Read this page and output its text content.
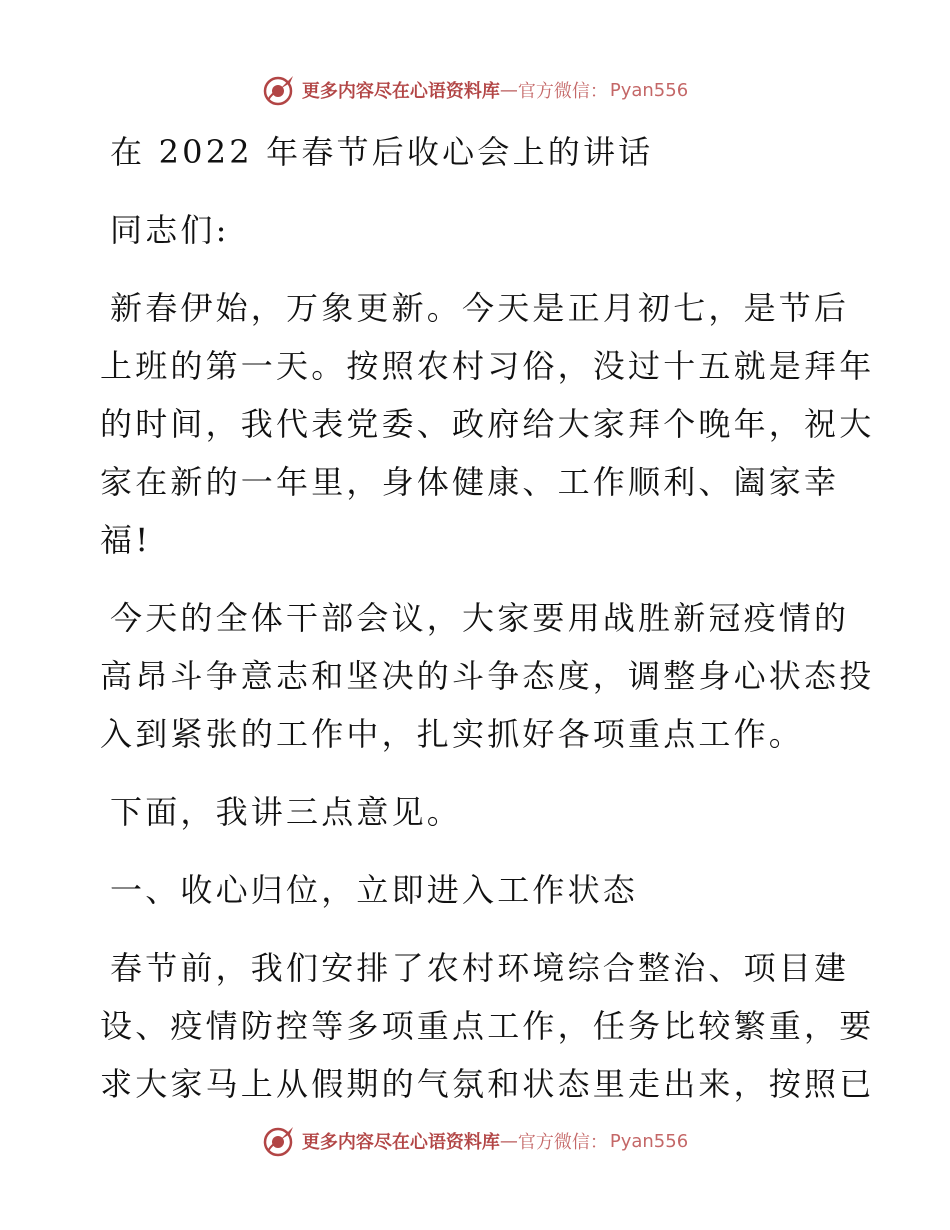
更多内容尽在心语资料库 — 官方微信： Pyan556

在 2022 年春节后收心会上的讲话

同志们:

新春伊始，万象更新。今天是正月初七，是节后

上班的第一天。按照农村习俗，没过十五就是拜年

的时间，我代表党委、政府给大家拜个晚年，祝大

家在新的一年里，身体健康、工作顺利、阖家幸

福!

今天的全体干部会议，大家要用战胜新冠疫情的

高昂斗争意志和坚决的斗争态度，调整身心状态投

入到紧张的工作中，扎实抓好各项重点工作。

下面，我讲三点意见。

一、收心归位，立即进入工作状态

春节前，我们安排了农村环境综合整治、项目建

设、疫情防控等多项重点工作，任务比较繁重，要

求大家马上从假期的气氛和状态里走出来，按照已

更多内容尽在心语资料库 — 官方微信： Pyan556
